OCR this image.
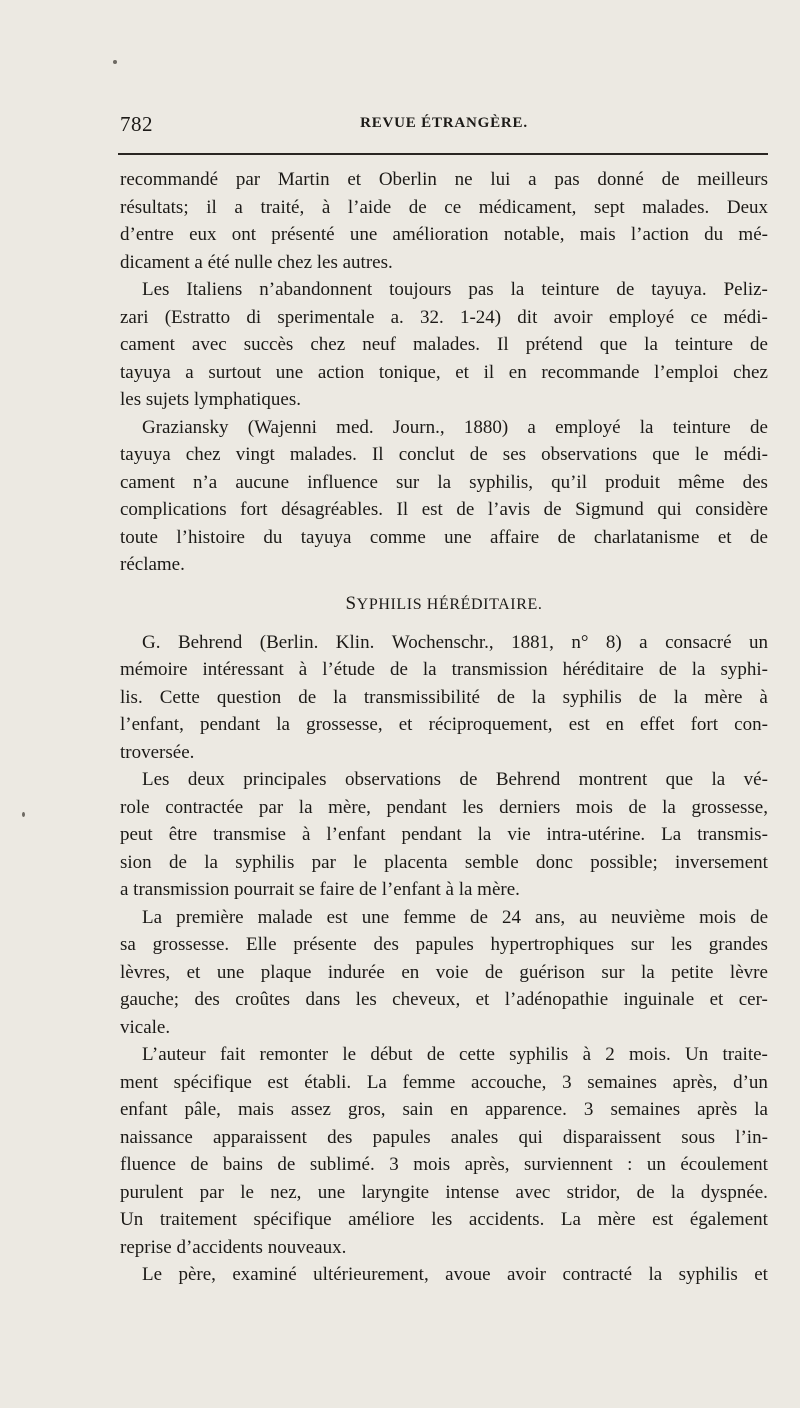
782	REVUE ÉTRANGÈRE.
recommandé par Martin et Oberlin ne lui a pas donné de meilleurs
résultats; il a traité, à l’aide de ce médicament, sept malades. Deux
d’entre eux ont présenté une amélioration notable, mais l’action du mé-
dicament a été nulle chez les autres.
Les Italiens n’abandonnent toujours pas la teinture de tayuya. Peliz-
zari (Estratto di sperimentale a. 32. 1-24) dit avoir employé ce médi-
cament avec succès chez neuf malades. Il prétend que la teinture de
tayuya a surtout une action tonique, et il en recommande l’emploi chez
les sujets lymphatiques.
Graziansky (Wajenni med. Journ., 1880) a employé la teinture de
tayuya chez vingt malades. Il conclut de ses observations que le médi-
cament n’a aucune influence sur la syphilis, qu’il produit même des
complications fort désagréables. Il est de l’avis de Sigmund qui considère
toute l’histoire du tayuya comme une affaire de charlatanisme et de
réclame.
SYPHILIS HÉRÉDITAIRE.
G. Behrend (Berlin. Klin. Wochenschr., 1881, n° 8) a consacré un
mémoire intéressant à l’étude de la transmission héréditaire de la syphi-
lis. Cette question de la transmissibilité de la syphilis de la mère à
l’enfant, pendant la grossesse, et réciproquement, est en effet fort con-
troversée.
Les deux principales observations de Behrend montrent que la vé-
role contractée par la mère, pendant les derniers mois de la grossesse,
peut être transmise à l’enfant pendant la vie intra-utérine. La transmis-
sion de la syphilis par le placenta semble donc possible; inversement
a transmission pourrait se faire de l’enfant à la mère.
La première malade est une femme de 24 ans, au neuvième mois de
sa grossesse. Elle présente des papules hypertrophiques sur les grandes
lèvres, et une plaque indurée en voie de guérison sur la petite lèvre
gauche; des croûtes dans les cheveux, et l’adénopathie inguinale et cer-
vicale.
L’auteur fait remonter le début de cette syphilis à 2 mois. Un traite-
ment spécifique est établi. La femme accouche, 3 semaines après, d’un
enfant pâle, mais assez gros, sain en apparence. 3 semaines après la
naissance apparaissent des papules anales qui disparaissent sous l’in-
fluence de bains de sublimé. 3 mois après, surviennent : un écoulement
purulent par le nez, une laryngite intense avec stridor, de la dyspnée.
Un traitement spécifique améliore les accidents. La mère est également
reprise d’accidents nouveaux.
Le père, examiné ultérieurement, avoue avoir contracté la syphilis et
